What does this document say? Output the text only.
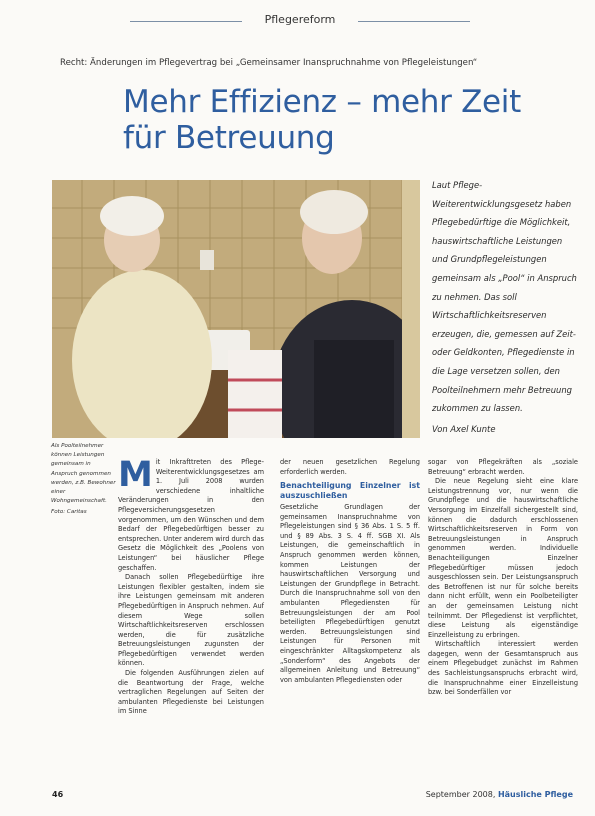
Pflegereform
Recht: Änderungen im Pflegevertrag bei „Gemeinsamer Inanspruchnahme von Pflegeleistungen“
Mehr Effizienz – mehr Zeit für Betreuung
Laut Pflege-Weiterentwicklungsgesetz haben Pflegebedürftige die Möglichkeit, hauswirtschaftliche Leistungen und Grundpflegeleistungen gemeinsam als „Pool“ in Anspruch zu nehmen. Das soll Wirtschaftlichkeitsreserven erzeugen, die, gemessen auf Zeit- oder Geldkonten, Pflegedienste in die Lage versetzen sollen, den Poolteilnehmern mehr Betreuung zukommen zu lassen.
Von Axel Kunte
Als Poolteilnehmer können Leistungen gemeinsam in Anspruch genommen werden, z.B. Bewohner einer Wohngemeinschaft.
Foto: Caritas

Mit Inkrafttreten des Pflege-Weiterentwicklungsgesetzes am 1. Juli 2008 wurden verschiedene inhaltliche Veränderungen in den Pflegeversicherungsgesetzen vorgenommen, um den Wünschen und dem Bedarf der Pflegebedürftigen besser zu entsprechen. Unter anderem wird durch das Gesetz die Möglichkeit des „Poolens von Leistungen“ bei häuslicher Pflege geschaffen.

Danach sollen Pflegebedürftige ihre Leistungen flexibler gestalten, indem sie ihre Leistungen gemeinsam mit anderen Pflegebedürftigen in Anspruch nehmen. Auf diesem Wege sollen Wirtschaftlichkeitsreserven erschlossen werden, die für zusätzliche Betreuungsleistungen zugunsten der Pflegebedürftigen verwendet werden können.

Die folgenden Ausführungen zielen auf die Beantwortung der Frage, welche vertraglichen Regelungen auf Seiten der ambulanten Pflegedienste bei Leistungen im Sinne

der neuen gesetzlichen Regelung erforderlich werden.

Benachteiligung Einzelner ist auszuschließen

Gesetzliche Grundlagen der gemeinsamen Inanspruchnahme von Pflegeleistungen sind § 36 Abs. 1 S. 5 ff. und § 89 Abs. 3 S. 4 ff. SGB XI. Als Leistungen, die gemeinschaftlich in Anspruch genommen werden können, kommen Leistungen der hauswirtschaftlichen Versorgung und Leistungen der Grundpflege in Betracht. Durch die Inanspruchnahme soll von den ambulanten Pflegediensten für Betreuungsleistungen der am Pool beteiligten Pflegebedürftigen genutzt werden. Betreuungsleistungen sind Leistungen für Personen mit eingeschränkter Alltagskompetenz als „Sonderform“ des Angebots der allgemeinen Anleitung und Betreuung“ von ambulanten Pflegediensten oder

sogar von Pflegekräften als „soziale Betreuung“ erbracht werden.

Die neue Regelung sieht eine klare Leistungstrennung vor, nur wenn die Grundpflege und die hauswirtschaftliche Versorgung im Einzelfall sichergestellt sind, können die dadurch erschlossenen Wirtschaftlichkeitsreserven in Form von Betreuungsleistungen in Anspruch genommen werden. Individuelle Benachteiligungen Einzelner Pflegebedürftiger müssen jedoch ausgeschlossen sein. Der Leistungsanspruch des Betroffenen ist nur für solche bereits dann nicht erfüllt, wenn ein Poolbeteiligter an der gemeinsamen Leistung nicht teilnimmt. Der Pflegedienst ist verpflichtet, diese Leistung als eigenständige Einzelleistung zu erbringen.

Wirtschaftlich interessiert werden dagegen, wenn der Gesamtanspruch aus einem Pflegebudget zunächst im Rahmen des Sachleistungsanspruchs erbracht wird, die Inanspruchnahme einer Einzelleistung bzw. bei Sonderfällen vor

46	September 2008, Häusliche Pflege
